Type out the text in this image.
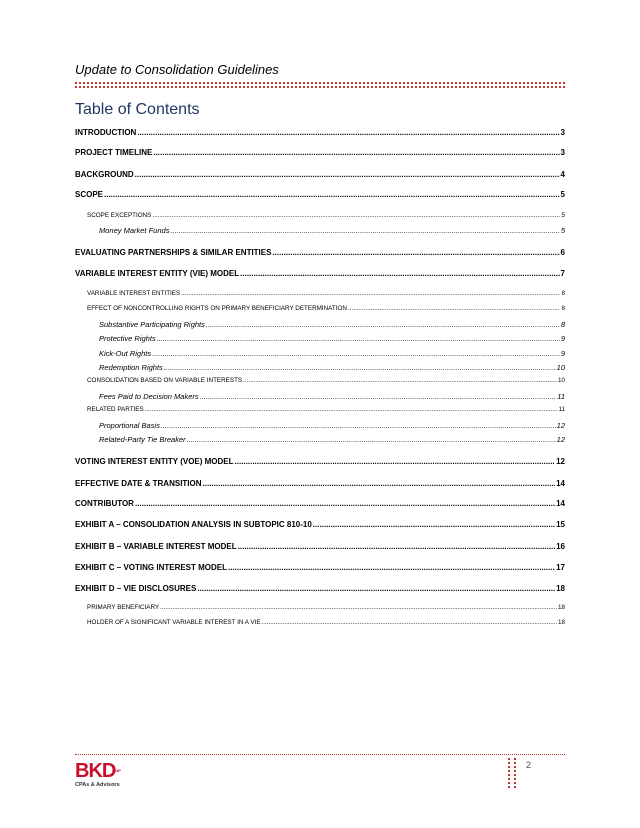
Update to Consolidation Guidelines
Table of Contents
INTRODUCTION .....	3
PROJECT TIMELINE .....	3
BACKGROUND .....	4
SCOPE .....	5
SCOPE EXCEPTIONS .....	5
Money Market Funds .....	5
EVALUATING PARTNERSHIPS & SIMILAR ENTITIES .....	6
VARIABLE INTEREST ENTITY (VIE) MODEL .....	7
VARIABLE INTEREST ENTITIES .....	8
EFFECT OF NONCONTROLLING RIGHTS ON PRIMARY BENEFICIARY DETERMINATION .....	8
Substantive Participating Rights .....	8
Protective Rights .....	9
Kick-Out Rights .....	9
Redemption Rights .....	10
CONSOLIDATION BASED ON VARIABLE INTERESTS .....	10
Fees Paid to Decision Makers .....	11
RELATED PARTIES .....	11
Proportional Basis .....	12
Related-Party Tie Breaker .....	12
VOTING INTEREST ENTITY (VOE) MODEL .....	12
EFFECTIVE DATE & TRANSITION .....	14
CONTRIBUTOR .....	14
EXHIBIT A – CONSOLIDATION ANALYSIS IN SUBTOPIC 810-10 .....	15
EXHIBIT B – VARIABLE INTEREST MODEL .....	16
EXHIBIT C – VOTING INTEREST MODEL .....	17
EXHIBIT D – VIE DISCLOSURES .....	18
PRIMARY BENEFICIARY .....	18
HOLDER OF A SIGNIFICANT VARIABLE INTEREST IN A VIE .....	18
BKDLLP
CPAs & Advisors
2
